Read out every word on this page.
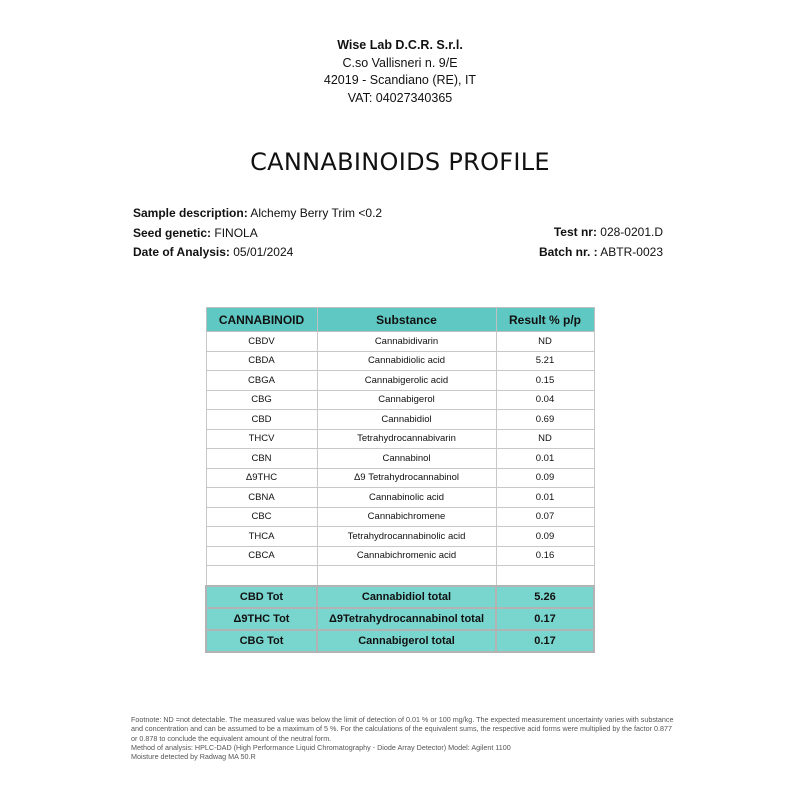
Wise Lab D.C.R. S.r.l.
C.so Vallisneri n. 9/E
42019 - Scandiano (RE), IT
VAT: 04027340365
CANNABINOIDS PROFILE
Sample description: Alchemy Berry Trim <0.2
Seed genetic: FINOLA
Date of Analysis: 05/01/2024
Test nr: 028-0201.D
Batch nr. : ABTR-0023
CANNABINOID	Substance	Result % p/p
CBDV	Cannabidivarin	ND
CBDA	Cannabidiolic acid	5.21
CBGA	Cannabigerolic acid	0.15
CBG	Cannabigerol	0.04
CBD	Cannabidiol	0.69
THCV	Tetrahydrocannabivarin	ND
CBN	Cannabinol	0.01
Δ9THC	Δ9 Tetrahydrocannabinol	0.09
CBNA	Cannabinolic acid	0.01
CBC	Cannabichromene	0.07
THCA	Tetrahydrocannabinolic acid	0.09
CBCA	Cannabichromenic acid	0.16

CBD Tot	Cannabidiol total	5.26
Δ9THC Tot	Δ9Tetrahydrocannabinol total	0.17
CBG Tot	Cannabigerol total	0.17
Footnote: ND =not detectable. The measured value was below the limit of detection of 0.01 % or 100 mg/kg. The expected measurement uncertainty varies with substance and concentration and can be assumed to be a maximum of 5 %. For the calculations of the equivalent sums, the respective acid forms were multiplied by the factor 0.877 or 0.878 to conclude the equivalent amount of the neutral form.
Method of analysis: HPLC-DAD (High Performance Liquid Chromatography - Diode Array Detector) Model: Agilent 1100
Moisture detected by Radwag MA 50.R
